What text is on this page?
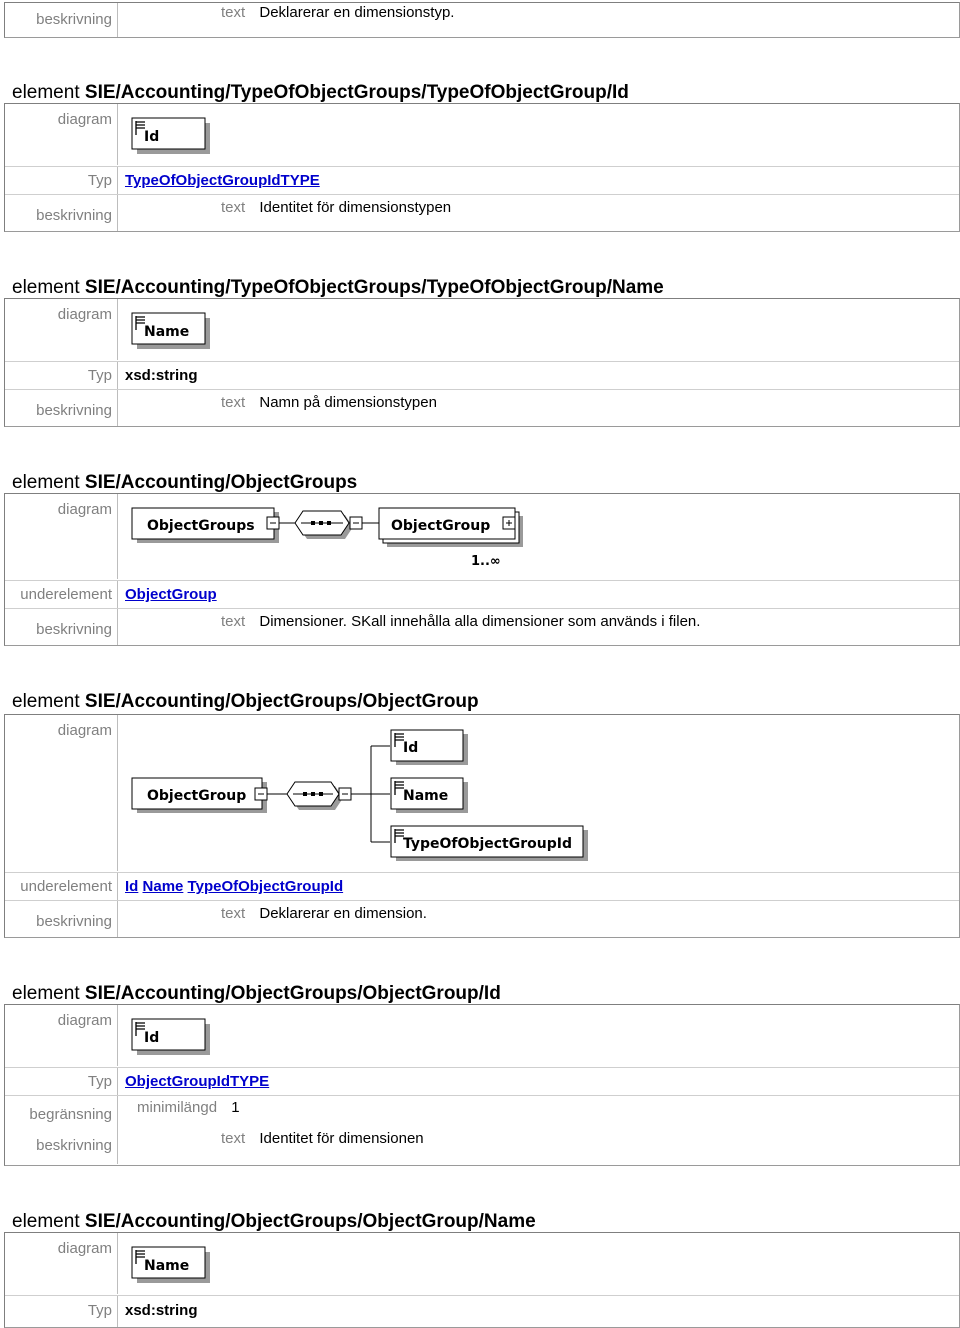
beskrivning	text Deklarerar en dimensionstyp.
element SIE/Accounting/TypeOfObjectGroups/TypeOfObjectGroup/Id
diagram
Id
Typ TypeOfObjectGroupIdTYPE
beskrivning	text Identitet för dimensionstypen
element SIE/Accounting/TypeOfObjectGroups/TypeOfObjectGroup/Name
diagram
Name
Typ xsd:string
beskrivning	text Namn på dimensionstypen
element SIE/Accounting/ObjectGroups
diagram
ObjectGroups	ObjectGroup
1..∞
underelement ObjectGroup
beskrivning	text Dimensioner. SKall innehålla alla dimensioner som används i filen.
element SIE/Accounting/ObjectGroups/ObjectGroup
diagram
ObjectGroup
Id
Name
TypeOfObjectGroupId
underelement Id Name TypeOfObjectGroupId
beskrivning	text Deklarerar en dimension.
element SIE/Accounting/ObjectGroups/ObjectGroup/Id
diagram
Id
Typ ObjectGroupIdTYPE
begränsning minimilängd 1
beskrivning	text Identitet för dimensionen
element SIE/Accounting/ObjectGroups/ObjectGroup/Name
diagram
Name
Typ xsd:string
